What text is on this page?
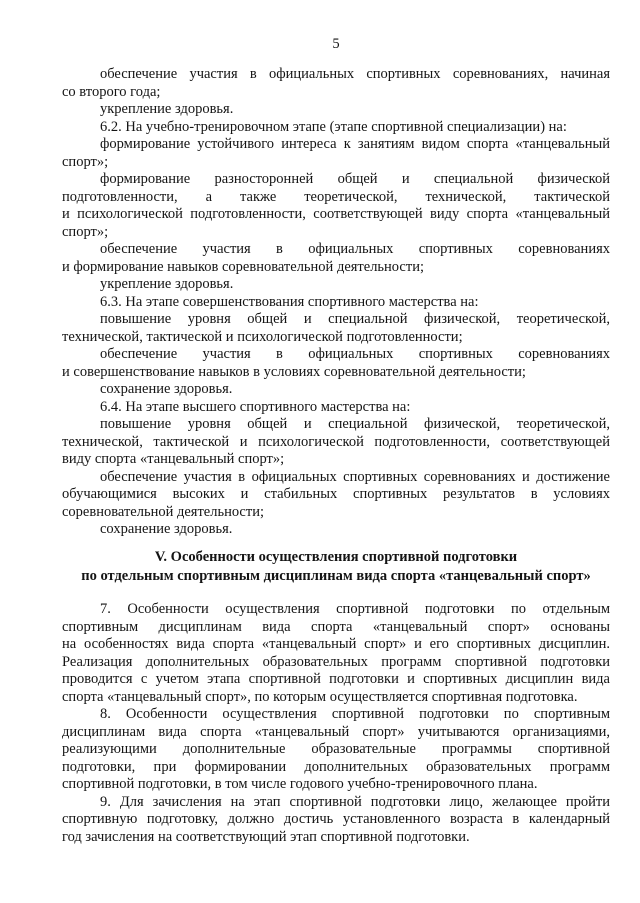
5
обеспечение участия в официальных спортивных соревнованиях, начиная
со второго года;
укрепление здоровья.
6.2. На учебно-тренировочном этапе (этапе спортивной специализации) на:
формирование устойчивого интереса к занятиям видом спорта «танцевальный
спорт»;
формирование разносторонней общей и специальной физической
подготовленности, а также теоретической, технической, тактической
и психологической подготовленности, соответствующей виду спорта «танцевальный
спорт»;
обеспечение участия в официальных спортивных соревнованиях
и формирование навыков соревновательной деятельности;
укрепление здоровья.
6.3. На этапе совершенствования спортивного мастерства на:
повышение уровня общей и специальной физической, теоретической,
технической, тактической и психологической подготовленности;
обеспечение участия в официальных спортивных соревнованиях
и совершенствование навыков в условиях соревновательной деятельности;
сохранение здоровья.
6.4. На этапе высшего спортивного мастерства на:
повышение уровня общей и специальной физической, теоретической,
технической, тактической и психологической подготовленности, соответствующей
виду спорта «танцевальный спорт»;
обеспечение участия в официальных спортивных соревнованиях и достижение
обучающимися высоких и стабильных спортивных результатов в условиях
соревновательной деятельности;
сохранение здоровья.
V. Особенности осуществления спортивной подготовки
по отдельным спортивным дисциплинам вида спорта «танцевальный спорт»
7. Особенности осуществления спортивной подготовки по отдельным
спортивным дисциплинам вида спорта «танцевальный спорт» основаны
на особенностях вида спорта «танцевальный спорт» и его спортивных дисциплин.
Реализация дополнительных образовательных программ спортивной подготовки
проводится с учетом этапа спортивной подготовки и спортивных дисциплин вида
спорта «танцевальный спорт», по которым осуществляется спортивная подготовка.
8. Особенности осуществления спортивной подготовки по спортивным
дисциплинам вида спорта «танцевальный спорт» учитываются организациями,
реализующими дополнительные образовательные программы спортивной
подготовки, при формировании дополнительных образовательных программ
спортивной подготовки, в том числе годового учебно-тренировочного плана.
9. Для зачисления на этап спортивной подготовки лицо, желающее пройти
спортивную подготовку, должно достичь установленного возраста в календарный
год зачисления на соответствующий этап спортивной подготовки.
